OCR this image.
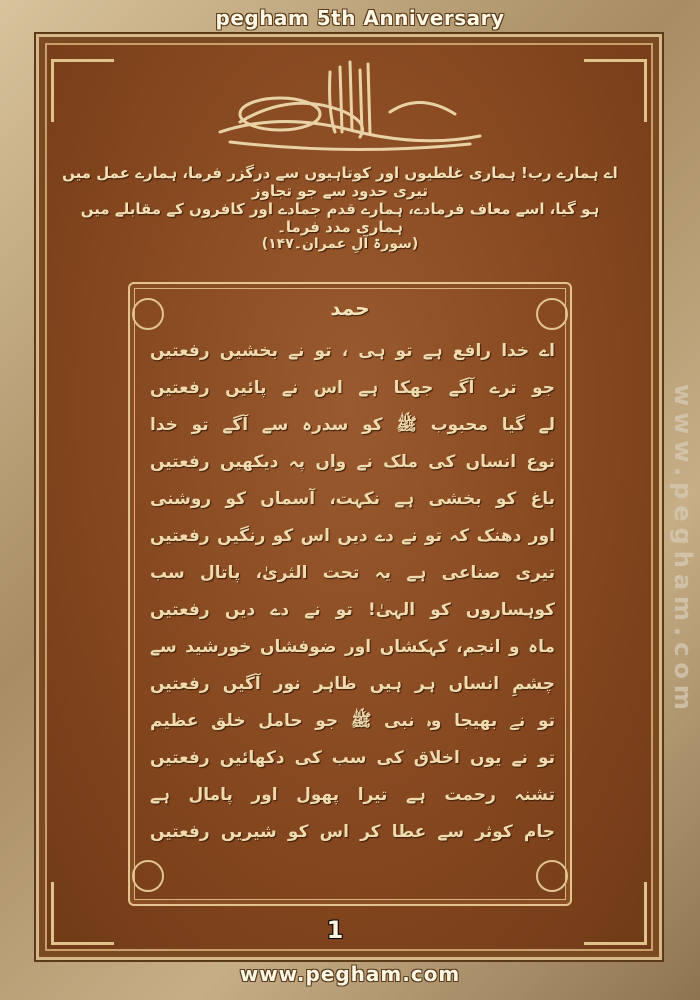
pegham 5th Anniversary
اے ہمارے رب! ہماری غلطیوں اور کوتاہیوں سے درگزر فرما، ہمارے عمل میں تیری حدود سے جو تجاوز
ہو گیا، اسے معاف فرمادے، ہمارے قدم جمادے اور کافروں کے مقابلے میں ہماری مدد فرما۔
(سورۃ آلِ عمران۔۱۴۷)
حمد
اے خدا رافع ہے تو ہی ، تو نے بخشیں رفعتیں
جو ترے آگے جھکا ہے اس نے پائیں رفعتیں
لے گیا محبوب ﷺ کو سدرہ سے آگے تو خدا
نوع انساں کی ملک نے واں پہ دیکھیں رفعتیں
باغ کو بخشی ہے نکہت، آسماں کو روشنی
اور دھنک کہ تو نے دے دیں اس کو رنگیں رفعتیں
تیری صناعی ہے یہ تحت الثریٰ، پاتال سب
کوہساروں کو الہیٰ! تو نے دے دیں رفعتیں
ماہ و انجم، کہکشاں اور ضوفشاں خورشید سے
چشمِ انساں ہر ہیں ظاہر نور آگیں رفعتیں
تو نے بھیجا وہ نبی ﷺ جو حامل خلق عظیم
تو نے یوں اخلاق کی سب کی دکھائیں رفعتیں
تشنہ رحمت ہے تیرا پھول اور پامال ہے
جام کوثر سے عطا کر اس کو شیریں رفعتیں
1
www.pegham.com
www.pegham.com
